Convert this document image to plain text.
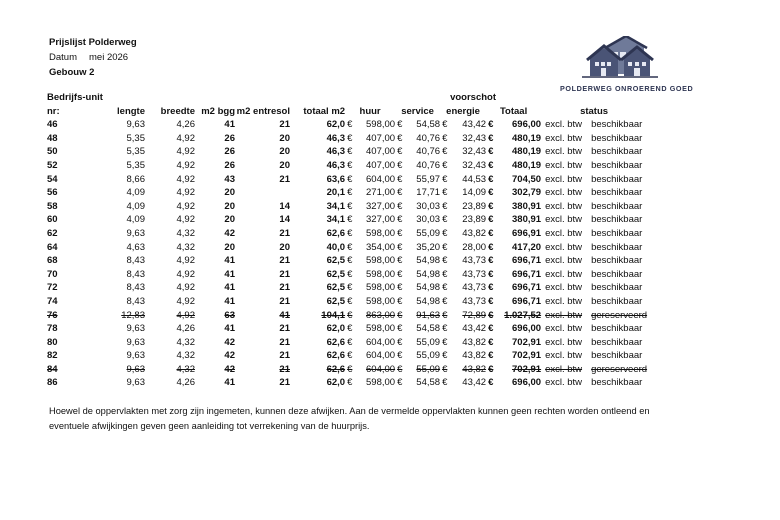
Prijslijst Polderweg
Datum mei 2026
Gebouw 2
POLDERWEG ONROEREND GOED
Bedrijfs-unit											voorschot				
nr:	lengte	breedte	m2 bgg	m2 entresol	totaal m2	huur		service		energie		Totaal		status	
46	9,63	4,26	41	21	62,0	€	598,00	€	54,58	€	43,42	€	696,00	excl. btw	beschikbaar
48	5,35	4,92	26	20	46,3	€	407,00	€	40,76	€	32,43	€	480,19	excl. btw	beschikbaar
50	5,35	4,92	26	20	46,3	€	407,00	€	40,76	€	32,43	€	480,19	excl. btw	beschikbaar
52	5,35	4,92	26	20	46,3	€	407,00	€	40,76	€	32,43	€	480,19	excl. btw	beschikbaar
54	8,66	4,92	43	21	63,6	€	604,00	€	55,97	€	44,53	€	704,50	excl. btw	beschikbaar
56	4,09	4,92	20		20,1	€	271,00	€	17,71	€	14,09	€	302,79	excl. btw	beschikbaar
58	4,09	4,92	20	14	34,1	€	327,00	€	30,03	€	23,89	€	380,91	excl. btw	beschikbaar
60	4,09	4,92	20	14	34,1	€	327,00	€	30,03	€	23,89	€	380,91	excl. btw	beschikbaar
62	9,63	4,32	42	21	62,6	€	598,00	€	55,09	€	43,82	€	696,91	excl. btw	beschikbaar
64	4,63	4,32	20	20	40,0	€	354,00	€	35,20	€	28,00	€	417,20	excl. btw	beschikbaar
68	8,43	4,92	41	21	62,5	€	598,00	€	54,98	€	43,73	€	696,71	excl. btw	beschikbaar
70	8,43	4,92	41	21	62,5	€	598,00	€	54,98	€	43,73	€	696,71	excl. btw	beschikbaar
72	8,43	4,92	41	21	62,5	€	598,00	€	54,98	€	43,73	€	696,71	excl. btw	beschikbaar
74	8,43	4,92	41	21	62,5	€	598,00	€	54,98	€	43,73	€	696,71	excl. btw	beschikbaar
76	12,83	4,92	63	41	104,1	€	863,00	€	91,63	€	72,89	€	1.027,52	excl. btw	gereserveerd
78	9,63	4,26	41	21	62,0	€	598,00	€	54,58	€	43,42	€	696,00	excl. btw	beschikbaar
80	9,63	4,32	42	21	62,6	€	604,00	€	55,09	€	43,82	€	702,91	excl. btw	beschikbaar
82	9,63	4,32	42	21	62,6	€	604,00	€	55,09	€	43,82	€	702,91	excl. btw	beschikbaar
84	9,63	4,32	42	21	62,6	€	604,00	€	55,09	€	43,82	€	702,91	excl. btw	gereserveerd
86	9,63	4,26	41	21	62,0	€	598,00	€	54,58	€	43,42	€	696,00	excl. btw	beschikbaar
Hoewel de oppervlakten met zorg zijn ingemeten, kunnen deze afwijken. Aan de vermelde oppervlakten kunnen geen rechten worden ontleend en eventuele afwijkingen geven geen aanleiding tot verrekening van de huurprijs.
